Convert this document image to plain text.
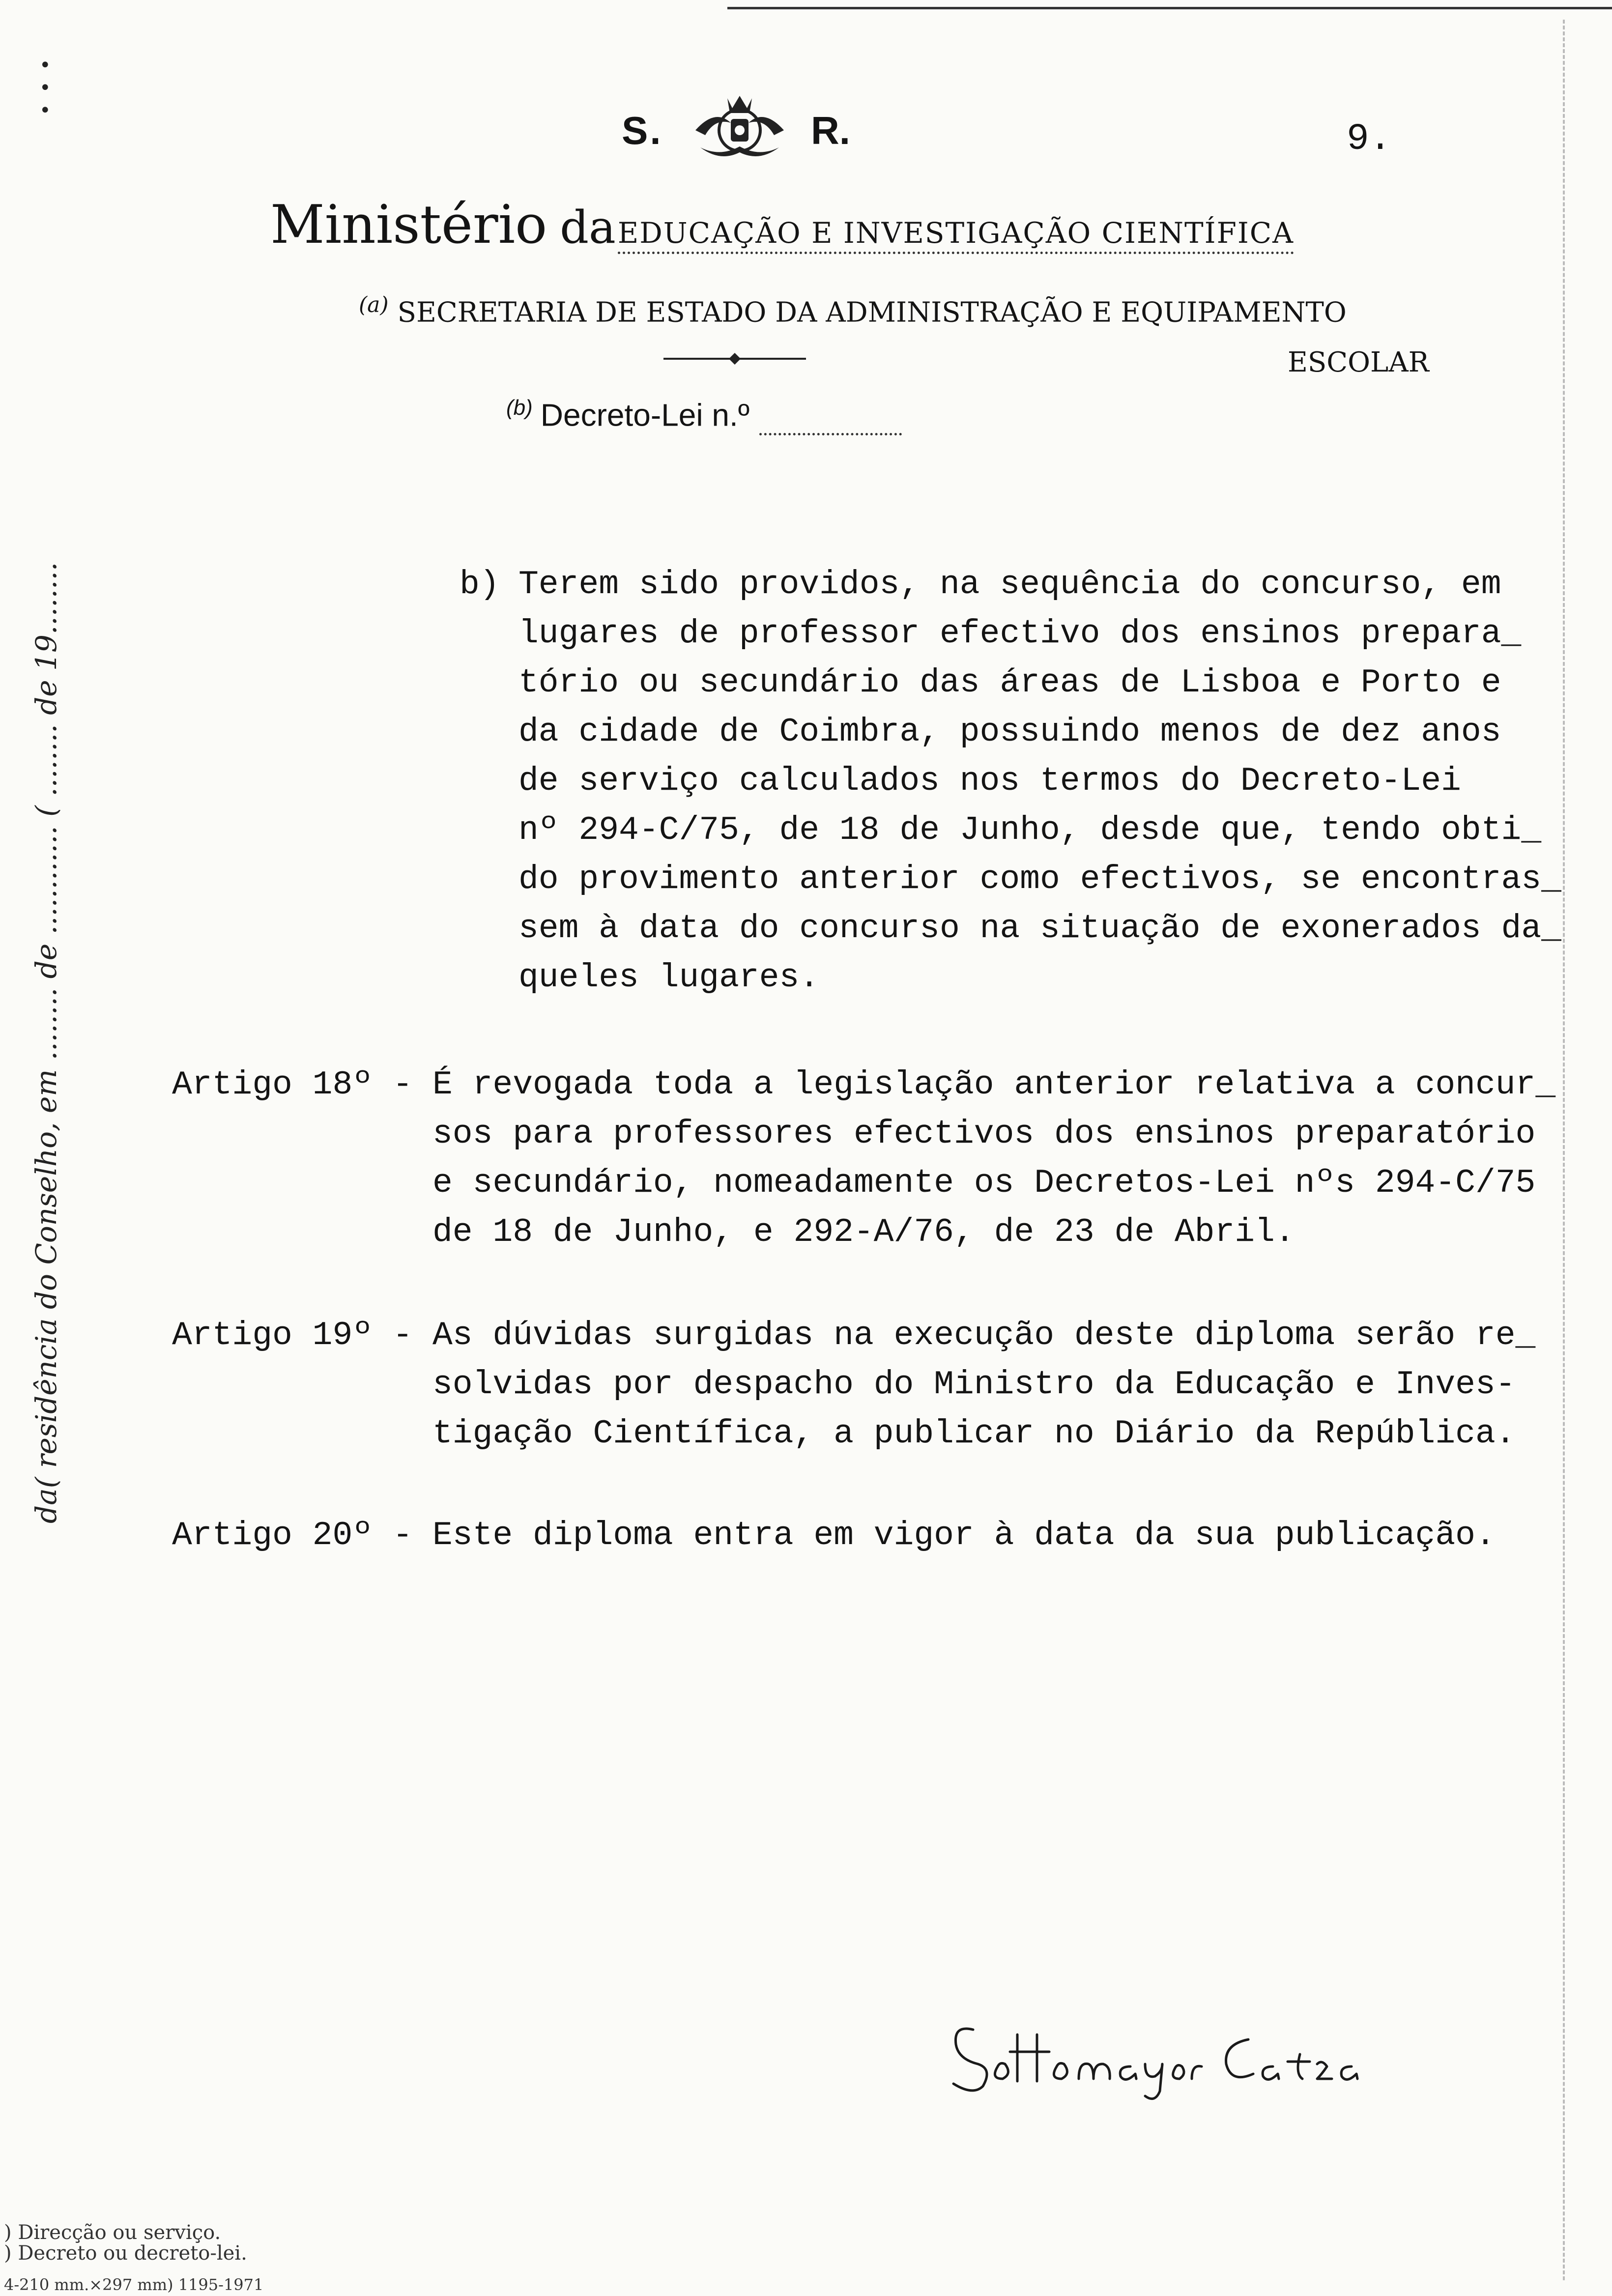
•
•
•	S.	R.	9.
Ministério da EDUCAÇÃO E INVESTIGAÇÃO CIENTÍFICA
$^{(a)}$ SECRETARIA DE ESTADO DA ADMINISTRAÇÃO E EQUIPAMENTO
ESCOLAR
$^{(b)}$ Decreto-Lei n.º
da( residência do Conselho, em ........ de ............ ( ........ de 19........	b) Terem sido providos, na sequência do concurso, em
lugares de professor efectivo dos ensinos prepara_
tório ou secundário das áreas de Lisboa e Porto e
da cidade de Coimbra, possuindo menos de dez anos
de serviço calculados nos termos do Decreto-Lei
nº 294-C/75, de 18 de Junho, desde que, tendo obti_
do provimento anterior como efectivos, se encontras_
sem à data do concurso na situação de exonerados da_
queles lugares.
Artigo 18º - É revogada toda a legislação anterior relativa a concur_
sos para professores efectivos dos ensinos preparatório
e secundário, nomeadamente os Decretos-Lei nºs 294-C/75
de 18 de Junho, e 292-A/76, de 23 de Abril.
Artigo 19º - As dúvidas surgidas na execução deste diploma serão re_
solvidas por despacho do Ministro da Educação e Inves-
tigação Científica, a publicar no Diário da República.
Artigo 20º - Este diploma entra em vigor à data da sua publicação.
) Direcção ou serviço.
) Decreto ou decreto-lei.
4-210 mm.×297 mm) 1195-1971
